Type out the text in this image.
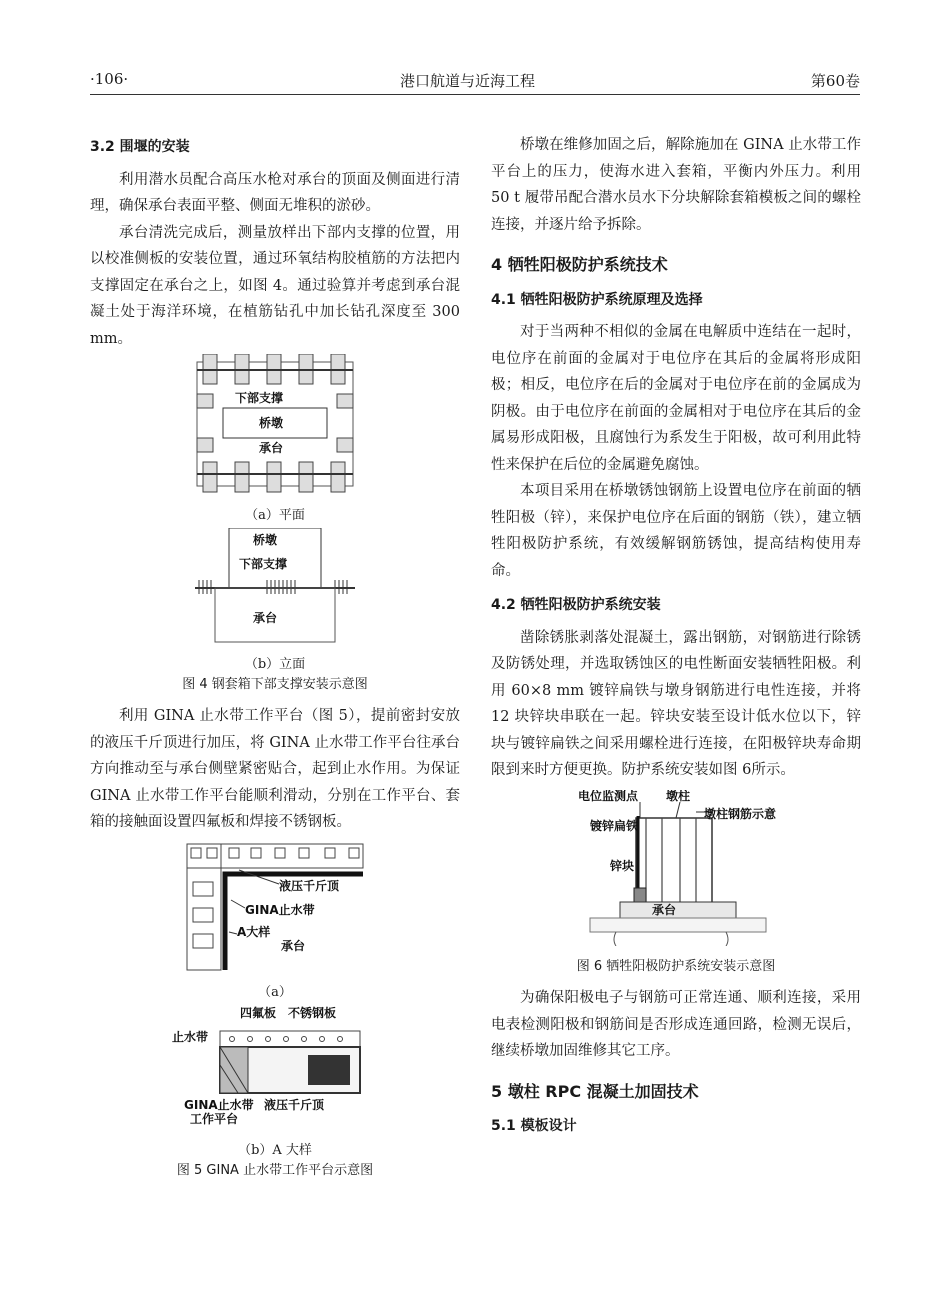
·106·	港口航道与近海工程	第60卷
3.2 围堰的安装

利用潜水员配合高压水枪对承台的顶面及侧面进行清理，确保承台表面平整、侧面无堆积的淤砂。

承台清洗完成后，测量放样出下部内支撑的位置，用以校准侧板的安装位置，通过环氧结构胶植筋的方法把内支撑固定在承台之上，如图 4。通过验算并考虑到承台混凝土处于海洋环境，在植筋钻孔中加长钻孔深度至 300 mm。

下部支撑
桥墩
承台
（a）平面
桥墩
下部支撑
承台
（b）立面
图 4 钢套箱下部支撑安装示意图

利用 GINA 止水带工作平台（图 5），提前密封安放的液压千斤顶进行加压，将 GINA 止水带工作平台往承台方向推动至与承台侧壁紧密贴合，起到止水作用。为保证 GINA 止水带工作平台能顺利滑动，分别在工作平台、套箱的接触面设置四氟板和焊接不锈钢板。

液压千斤顶
GINA止水带
A大样
承台
（a）
四氟板 不锈钢板
止水带
GINA止水带
工作平台
液压千斤顶
（b）A 大样
图 5 GINA 止水带工作平台示意图

桥墩在维修加固之后，解除施加在 GINA 止水带工作平台上的压力，使海水进入套箱，平衡内外压力。利用 50 t 履带吊配合潜水员水下分块解除套箱模板之间的螺栓连接，并逐片给予拆除。

4 牺牲阳极防护系统技术
4.1 牺牲阳极防护系统原理及选择

对于当两种不相似的金属在电解质中连结在一起时，电位序在前面的金属对于电位序在其后的金属将形成阳极；相反，电位序在后的金属对于电位序在前的金属成为阴极。由于电位序在前面的金属相对于电位序在其后的金属易形成阳极，且腐蚀行为系发生于阳极，故可利用此特性来保护在后位的金属避免腐蚀。

本项目采用在桥墩锈蚀钢筋上设置电位序在前面的牺牲阳极（锌），来保护电位序在后面的钢筋（铁），建立牺牲阳极防护系统，有效缓解钢筋锈蚀，提高结构使用寿命。

4.2 牺牲阳极防护系统安装

凿除锈胀剥落处混凝土，露出钢筋，对钢筋进行除锈及防锈处理，并选取锈蚀区的电性断面安装牺牲阳极。利用 60×8 mm 镀锌扁铁与墩身钢筋进行电性连接，并将 12 块锌块串联在一起。锌块安装至设计低水位以下，锌块与镀锌扁铁之间采用螺栓进行连接，在阳极锌块寿命期限到来时方便更换。防护系统安装如图 6所示。

电位监测点 墩柱
墩柱钢筋示意
镀锌扁铁
锌块
承台
图 6 牺牲阳极防护系统安装示意图

为确保阳极电子与钢筋可正常连通、顺利连接，采用电表检测阳极和钢筋间是否形成连通回路，检测无误后，继续桥墩加固维修其它工序。

5 墩柱 RPC 混凝土加固技术
5.1 模板设计
